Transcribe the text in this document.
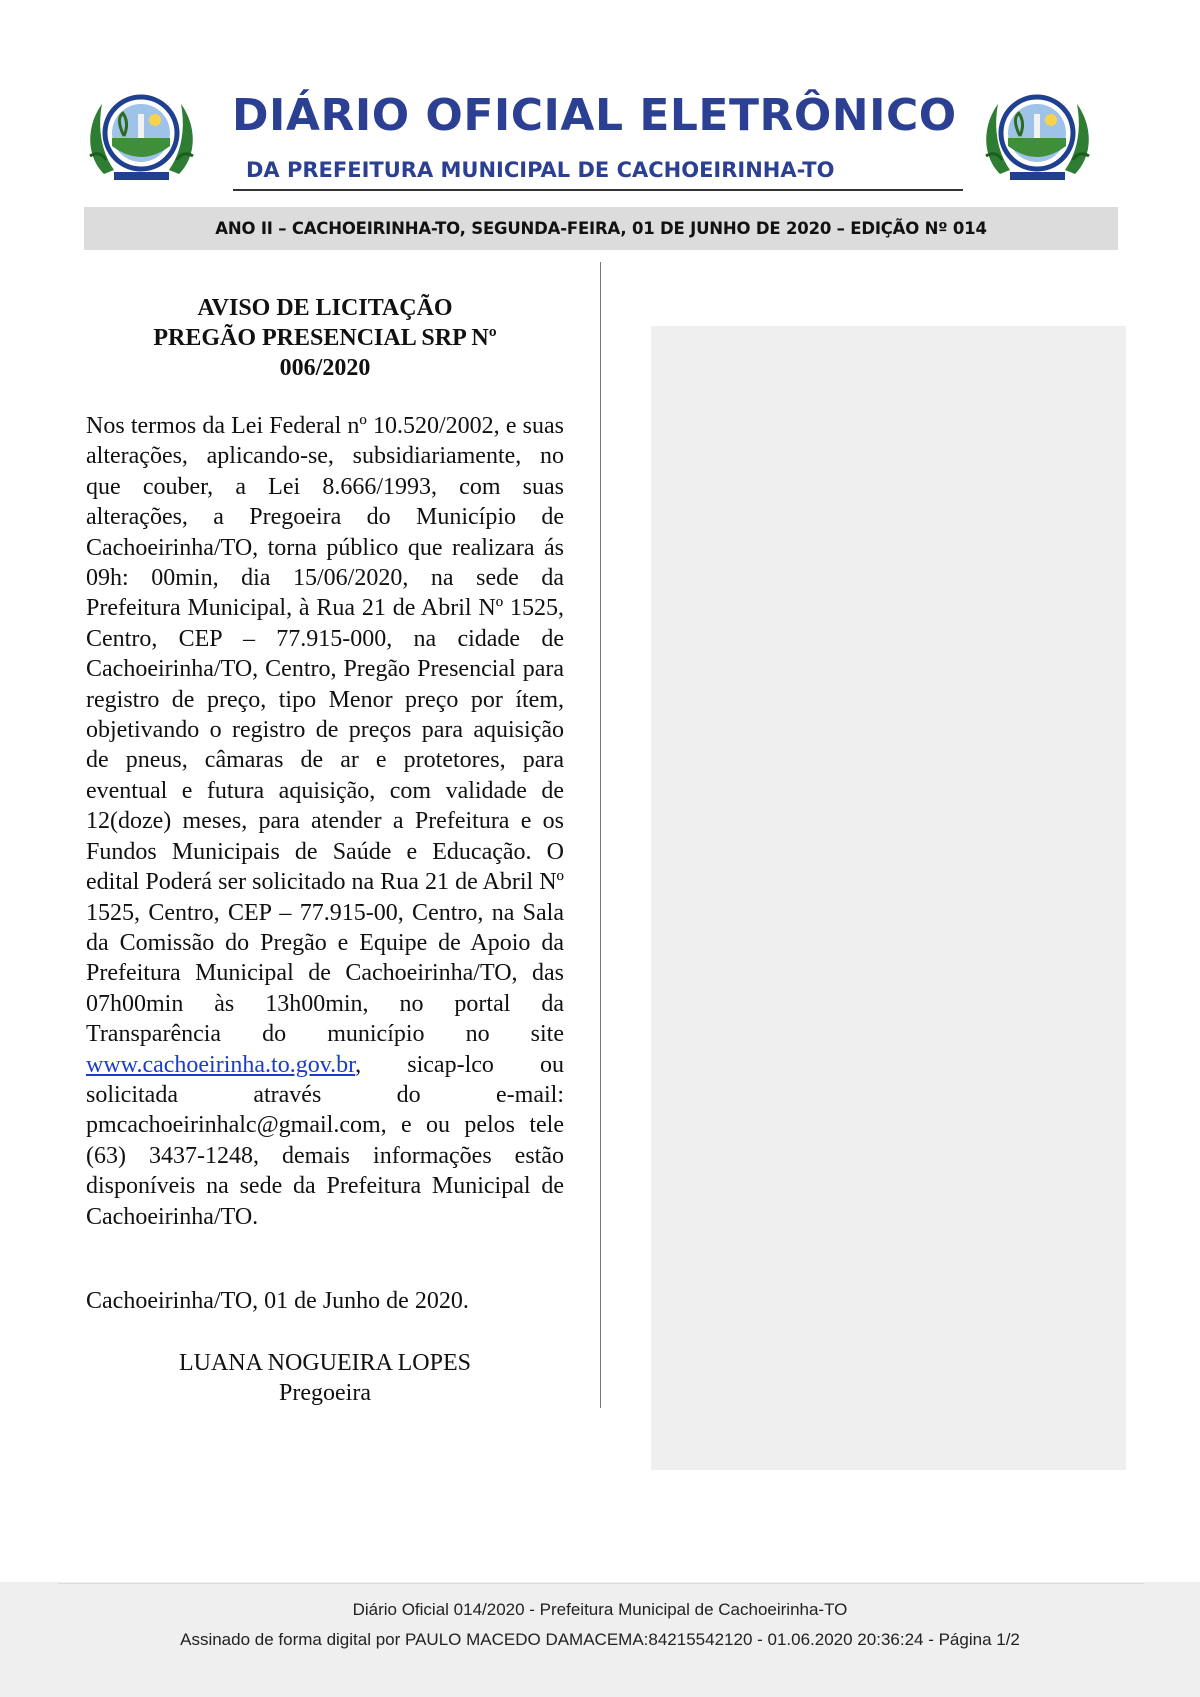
DIÁRIO OFICIAL ELETRÔNICO
DA PREFEITURA MUNICIPAL DE CACHOEIRINHA-TO
ANO II – CACHOEIRINHA-TO, SEGUNDA-FEIRA, 01 DE JUNHO DE 2020 – EDIÇÃO Nº 014
AVISO DE LICITAÇÃO
PREGÃO PRESENCIAL SRP Nº
006/2020
Nos termos da Lei Federal nº 10.520/2002, e suas alterações, aplicando-se, subsidiariamente, no que couber, a Lei 8.666/1993, com suas alterações, a Pregoeira do Município de Cachoeirinha/TO, torna público que realizara ás 09h: 00min, dia 15/06/2020, na sede da Prefeitura Municipal, à Rua 21 de Abril Nº 1525, Centro, CEP – 77.915-000, na cidade de Cachoeirinha/TO, Centro, Pregão Presencial para registro de preço, tipo Menor preço por ítem, objetivando o registro de preços para aquisição de pneus, câmaras de ar e protetores, para eventual e futura aquisição, com validade de 12(doze) meses, para atender a Prefeitura e os Fundos Municipais de Saúde e Educação. O edital Poderá ser solicitado na Rua 21 de Abril Nº 1525, Centro, CEP – 77.915-00, Centro, na Sala da Comissão do Pregão e Equipe de Apoio da Prefeitura Municipal de Cachoeirinha/TO, das 07h00min às 13h00min, no portal da Transparência do município no site www.cachoeirinha.to.gov.br, sicap-lco ou solicitada através do e-mail: pmcachoeirinhalc@gmail.com, e ou pelos tele (63) 3437-1248, demais informações estão disponíveis na sede da Prefeitura Municipal de Cachoeirinha/TO.
Cachoeirinha/TO, 01 de Junho de 2020.
LUANA NOGUEIRA LOPES
Pregoeira
Diário Oficial 014/2020 - Prefeitura Municipal de Cachoeirinha-TO
Assinado de forma digital por PAULO MACEDO DAMACEMA:84215542120 - 01.06.2020 20:36:24 - Página 1/2
